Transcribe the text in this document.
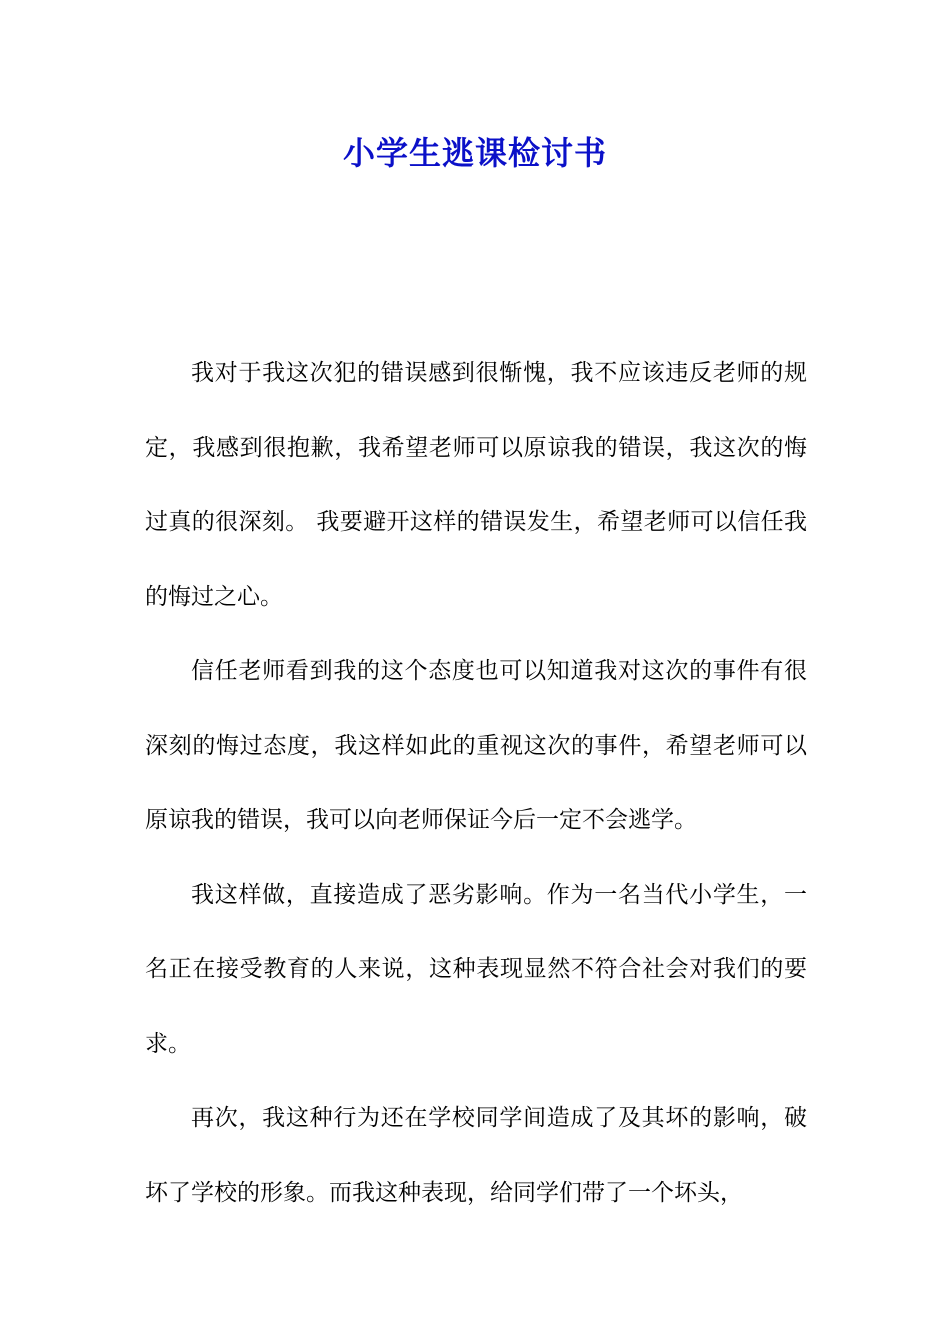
小学生逃课检讨书

我对于我这次犯的错误感到很惭愧，我不应该违反老师的规定，我感到很抱歉，我希望老师可以原谅我的错误，我这次的悔过真的很深刻。 我要避开这样的错误发生，希望老师可以信任我的悔过之心。

信任老师看到我的这个态度也可以知道我对这次的事件有很深刻的悔过态度，我这样如此的重视这次的事件，希望老师可以原谅我的错误，我可以向老师保证今后一定不会逃学。

我这样做，直接造成了恶劣影响。作为一名当代小学生，一名正在接受教育的人来说，这种表现显然不符合社会对我们的要求。

再次，我这种行为还在学校同学间造成了及其坏的影响，破坏了学校的形象。而我这种表现，给同学们带了一个坏头，
